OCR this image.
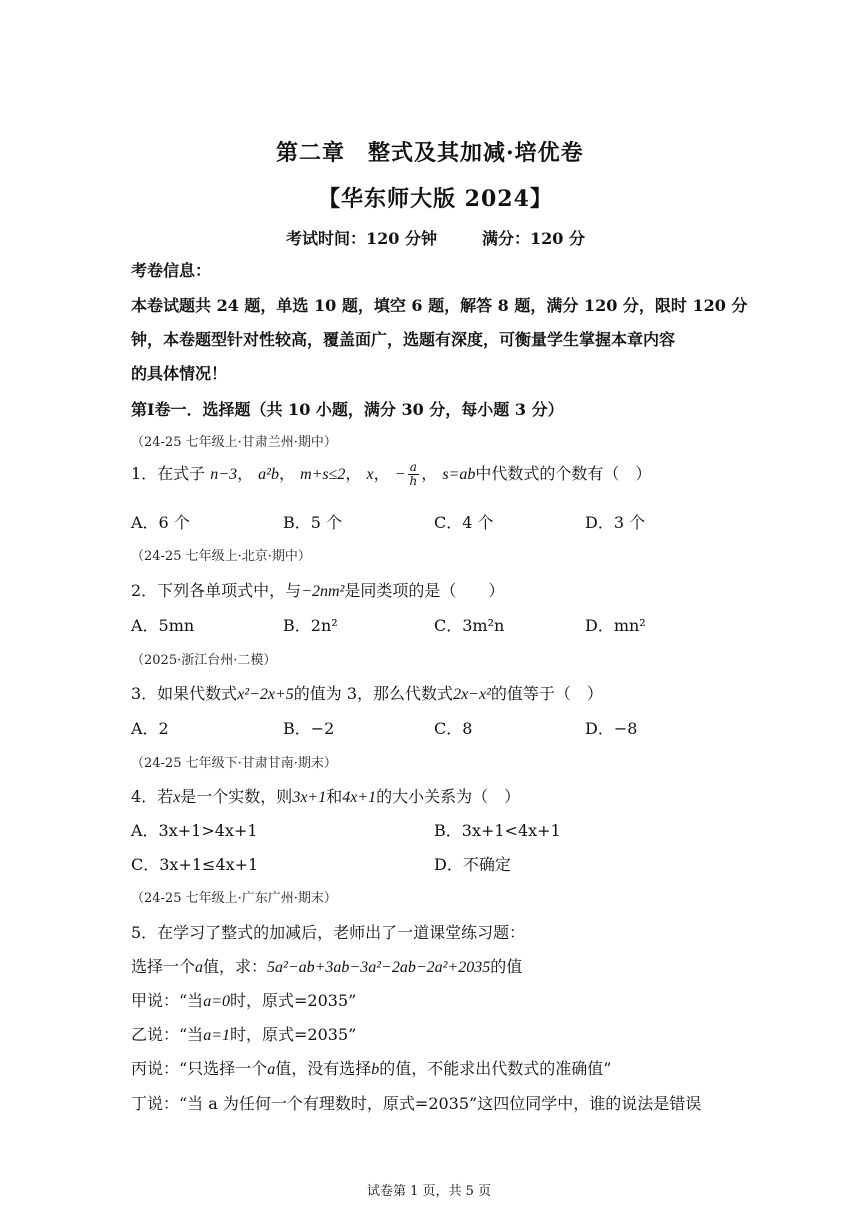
第二章　整式及其加减·培优卷
【华东师大版 2024】
考试时间：120 分钟	满分：120 分
考卷信息：
本卷试题共 24 题，单选 10 题，填空 6 题，解答 8 题，满分 120 分，限时 120 分
钟，本卷题型针对性较高，覆盖面广，选题有深度，可衡量学生掌握本章内容
的具体情况！
第Ⅰ卷一．选择题（共 10 小题，满分 30 分，每小题 3 分）
（24-25 七年级上·甘肃兰州·期中）
1．在式子 n−3， a²b， m+s≤2， x， − $\frac{a}{h}$ ， s=ab中代数式的个数有（　）
A．6 个	B．5 个	C．4 个	D．3 个
（24-25 七年级上·北京·期中）
2．下列各单项式中，与−2nm²是同类项的是（　　）
A．5mn	B．2n²	C．3m²n	D．mn²
（2025·浙江台州·二模）
3．如果代数式x²−2x+5的值为 3，那么代数式2x−x²的值等于（　）
A．2	B．−2	C．8	D．−8
（24-25 七年级下·甘肃甘南·期末）
4．若x是一个实数，则3x+1和4x+1的大小关系为（　）
A．3x+1>4x+1	B．3x+1<4x+1
C．3x+1≤4x+1	D．不确定
（24-25 七年级上·广东广州·期末）
5．在学习了整式的加减后，老师出了一道课堂练习题：
选择一个a值，求：5a²−ab+3ab−3a²−2ab−2a²+2035的值
甲说：“当a=0时，原式=2035”
乙说：“当a=1时，原式=2035”
丙说：“只选择一个a值，没有选择b的值，不能求出代数式的准确值”
丁说：“当 a 为任何一个有理数时，原式=2035”这四位同学中，谁的说法是错误
试卷第 1 页，共 5 页
